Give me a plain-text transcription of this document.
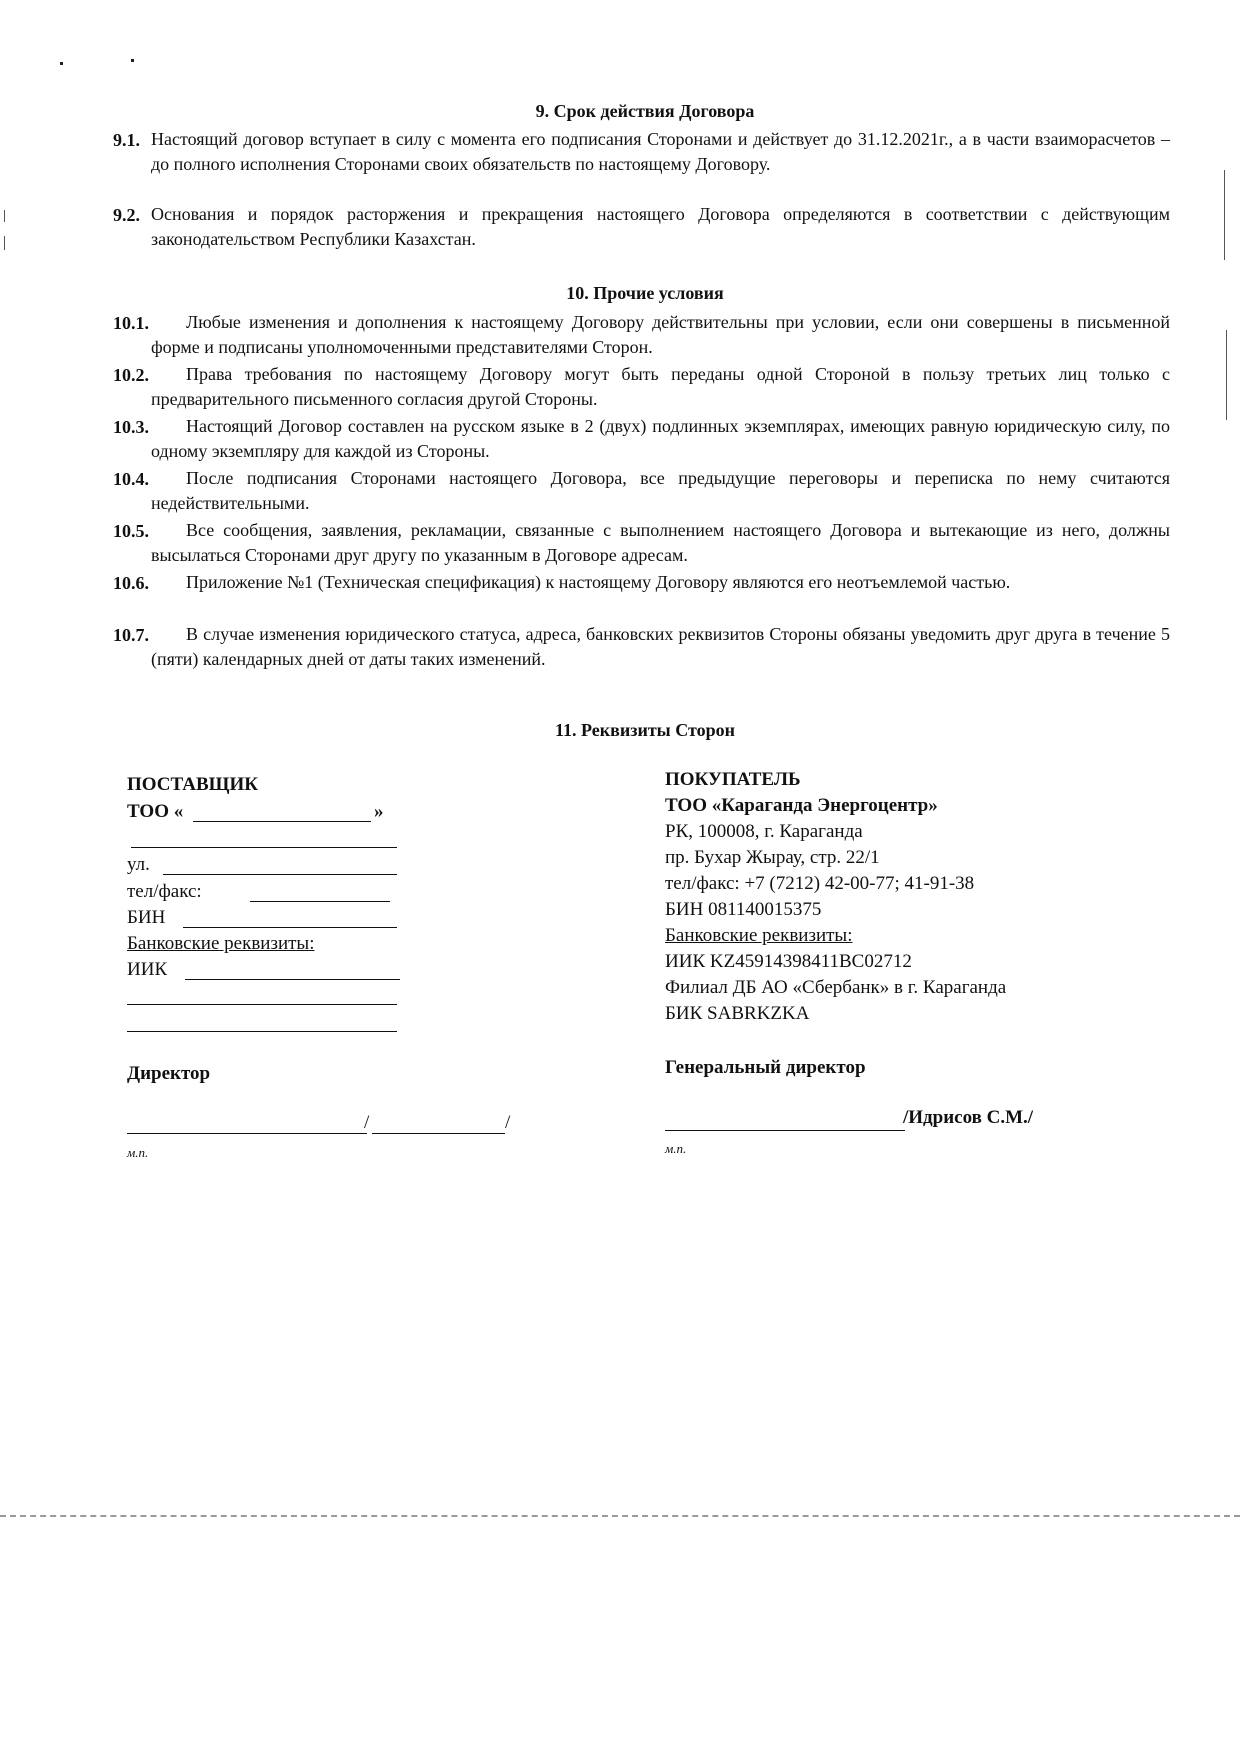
9. Срок действия Договора
9.1. Настоящий договор вступает в силу с момента его подписания Сторонами и действует до 31.12.2021г., а в части взаиморасчетов – до полного исполнения Сторонами своих обязательств по настоящему Договору.
9.2. Основания и порядок расторжения и прекращения настоящего Договора определяются в соответствии с действующим законодательством Республики Казахстан.
10. Прочие условия
10.1.	Любые изменения и дополнения к настоящему Договору действительны при условии, если они совершены в письменной форме и подписаны уполномоченными представителями Сторон.
10.2.	Права требования по настоящему Договору могут быть переданы одной Стороной в пользу третьих лиц только с предварительного письменного согласия другой Стороны.
10.3.	Настоящий Договор составлен на русском языке в 2 (двух) подлинных экземплярах, имеющих равную юридическую силу, по одному экземпляру для каждой из Стороны.
10.4.	После подписания Сторонами настоящего Договора, все предыдущие переговоры и переписка по нему считаются недействительными.
10.5.	Все сообщения, заявления, рекламации, связанные с выполнением настоящего Договора и вытекающие из него, должны высылаться Сторонами друг другу по указанным в Договоре адресам.
10.6.	Приложение №1 (Техническая спецификация) к настоящему Договору являются его неотъемлемой частью.
10.7.	В случае изменения юридического статуса, адреса, банковских реквизитов Стороны обязаны уведомить друг друга в течение 5 (пяти) календарных дней от даты таких изменений.
11. Реквизиты Сторон
ПОСТАВЩИК
ТОО «	»
ул.
тел/факс:
БИН
Банковские реквизиты:
ИИК
Директор
/	/
м.п.
ПОКУПАТЕЛЬ
ТОО «Караганда Энергоцентр»
РК, 100008, г. Караганда
пр. Бухар Жырау, стр. 22/1
тел/факс: +7 (7212) 42-00-77; 41-91-38
БИН 081140015375
Банковские реквизиты:
ИИК KZ45914398411BC02712
Филиал ДБ АО «Сбербанк» в г. Караганда
БИК SABRKZKA
Генеральный директор
/Идрисов С.М./
м.п.
